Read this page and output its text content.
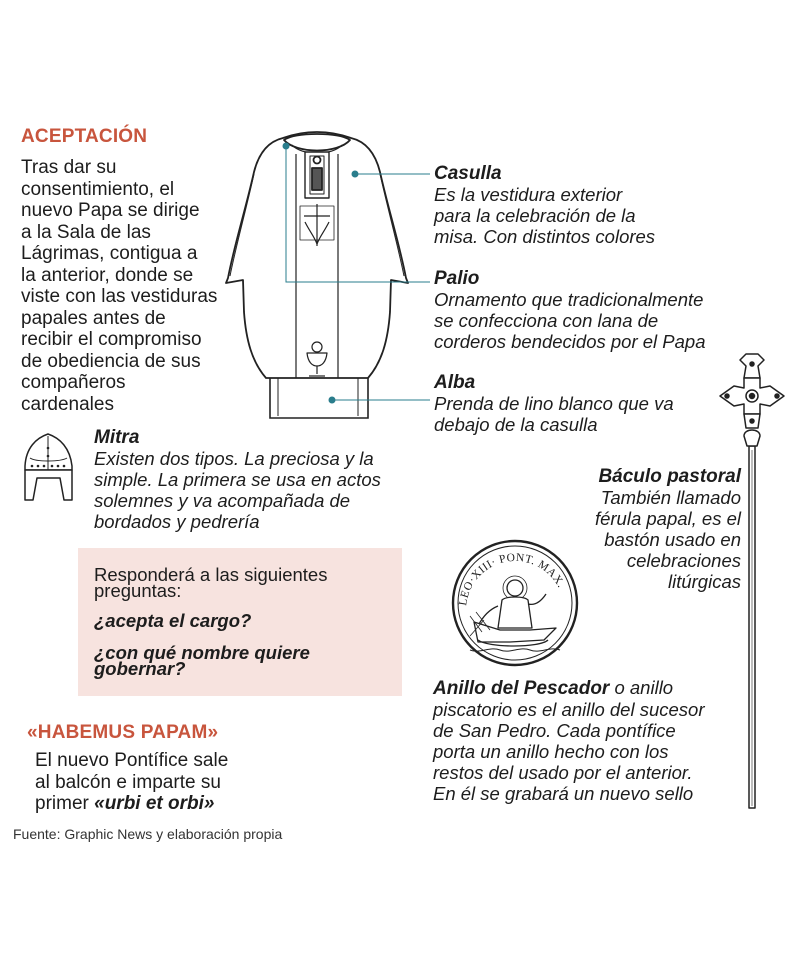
ACEPTACIÓN
Tras dar su
consentimiento, el
nuevo Papa se dirige
a la Sala de las
Lágrimas, contigua a
la anterior, donde se
viste con las vestiduras
papales antes de
recibir el compromiso
de obediencia de sus
compañeros
cardenales
Casulla
Es la vestidura exterior
para la celebración de la
misa. Con distintos colores
Palio
Ornamento que tradicionalmente
se confecciona con lana de
corderos bendecidos por el Papa
Alba
Prenda de lino blanco que va
debajo de la casulla
Mitra
Existen dos tipos. La preciosa y la
simple. La primera se usa en actos
solemnes y va acompañada de
bordados y pedrería
Responderá a las siguientes
preguntas:
¿acepta el cargo?
¿con qué nombre quiere
gobernar?
«HABEMUS PAPAM»
El nuevo Pontífice sale
al balcón e imparte su
primer «urbi et orbi»
Fuente: Graphic News y elaboración propia
Báculo pastoral
También llamado
férula papal, es el
bastón usado en
celebraciones
litúrgicas
LEO·XIII· PONT. MAX.
Anillo del Pescador o anillo
piscatorio es el anillo del sucesor
de San Pedro. Cada pontífice
porta un anillo hecho con los
restos del usado por el anterior.
En él se grabará un nuevo sello
